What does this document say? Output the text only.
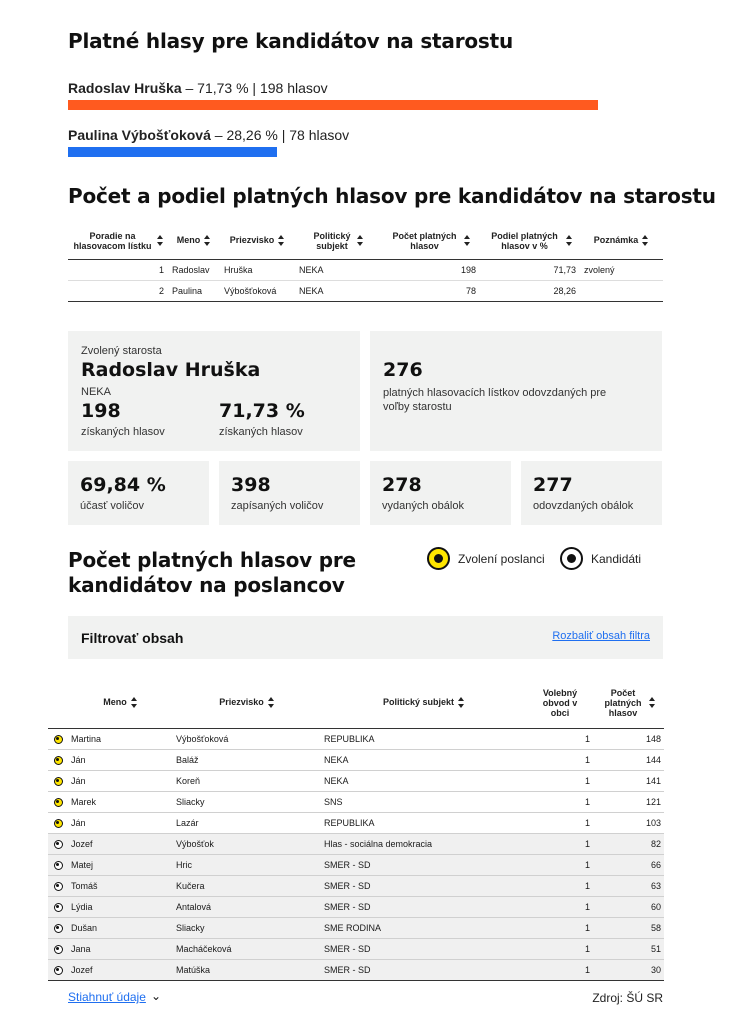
Platné hlasy pre kandidátov na starostu
Radoslav Hruška – 71,73 % | 198 hlasov
Paulina Výbošťoková – 28,26 % | 78 hlasov
Počet a podiel platných hlasov pre kandidátov na starostu
Poradie na hlasovacom lístku	Meno	Priezvisko	Politický subjekt	Počet platných hlasov	Podiel platných hlasov v %	Poznámka
1	Radoslav	Hruška	NEKA	198	71,73	zvolený
2	Paulina	Výbošťoková	NEKA	78	28,26	
Zvolený starosta
Radoslav Hruška
NEKA
198
získaných hlasov
71,73 %
získaných hlasov
276
platných hlasovacích lístkov odovzdaných pre voľby starostu
69,84 %
účasť voličov
398
zapísaných voličov
278
vydaných obálok
277
odovzdaných obálok
Počet platných hlasov pre kandidátov na poslancov
Zvolení poslanci	Kandidáti
Filtrovať obsah	Rozbaliť obsah filtra
	Meno	Priezvisko	Politický subjekt	Volebný obvod v obci	Počet platných hlasov
	Martina	Výbošťoková	REPUBLIKA	1	148
	Ján	Baláž	NEKA	1	144
	Ján	Koreň	NEKA	1	141
	Marek	Sliacky	SNS	1	121
	Ján	Lazár	REPUBLIKA	1	103
	Jozef	Výbošťok	Hlas - sociálna demokracia	1	82
	Matej	Hric	SMER - SD	1	66
	Tomáš	Kučera	SMER - SD	1	63
	Lýdia	Antalová	SMER - SD	1	60
	Dušan	Sliacky	SME RODINA	1	58
	Jana	Macháčeková	SMER - SD	1	51
	Jozef	Matúška	SMER - SD	1	30
Stiahnuť údaje ⌄	Zdroj: ŠÚ SR
